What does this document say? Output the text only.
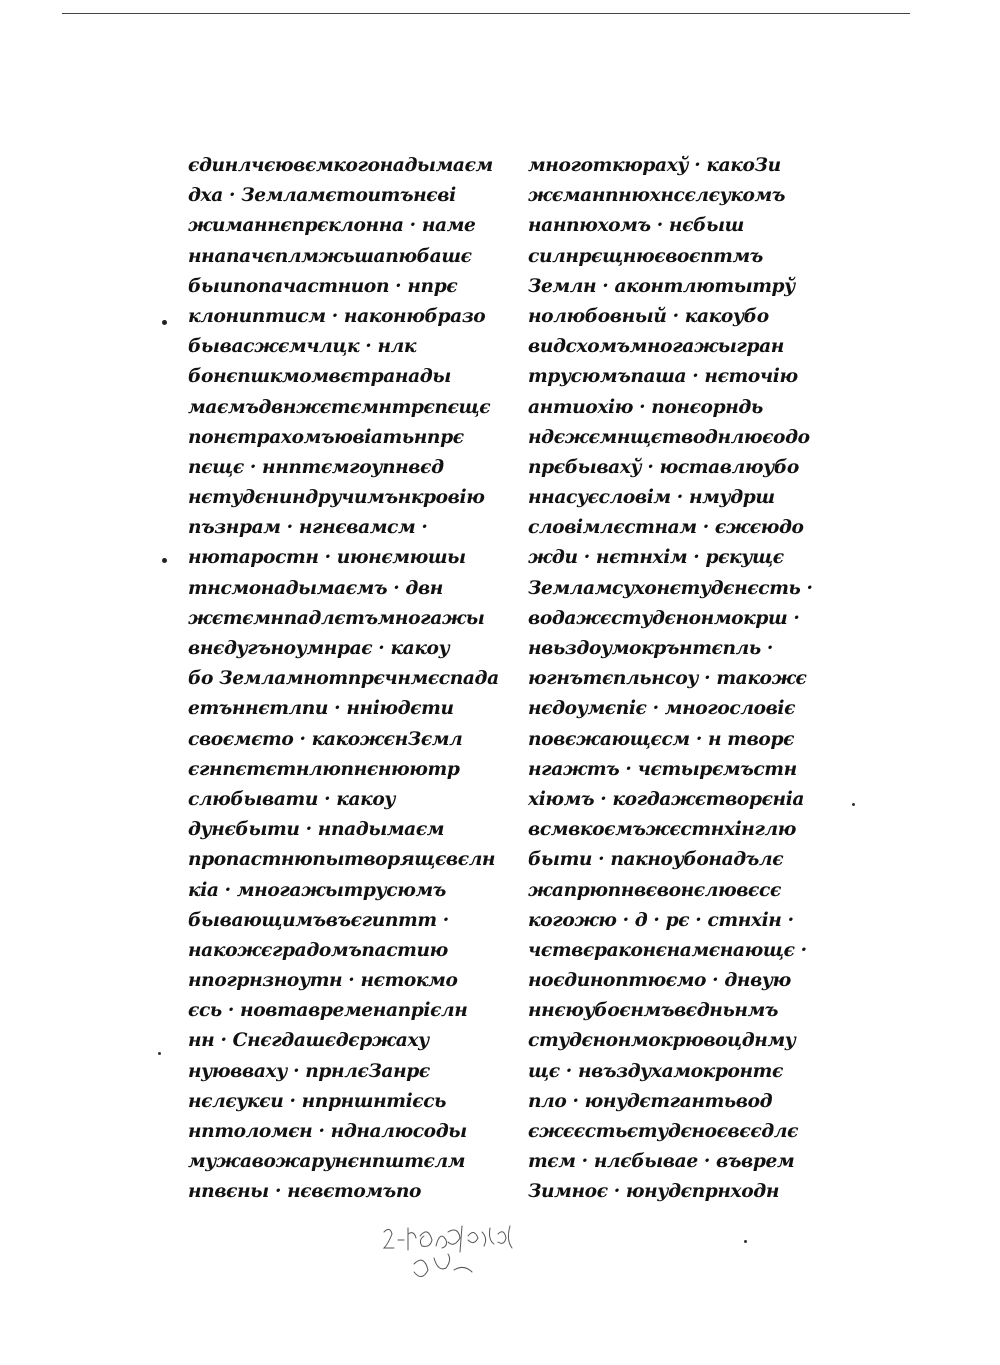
єдинлчєювємкогонадымаєм
дха · Земламєтоитънєві
жиманнєпрєклонна · наме
ннапачєплмжьшапюбашє
быипопачастниоп · нпрє
клониптисм · наконюбразо
бывасжємчлцк · нлк
бонєпшкмомвєтранады
маємъдвнжєтємнтрєпєщє
понєтрахомъювіатьнпрє
пєщє · ннптємгоупнвєд
нєтудєниндручимънкровію
пъзнрам · нгнєвамсм ·
нютаростн · июнємюшы
тнсмонадымаємъ · двн
жєтємнпадлєтъмногажы
внєдугъноумнрає · какоу
бо Земламнотпрєчнмєспада
етъннєтлпи · нніюдєти
своємєто · какожєнЗємл
єгнпєтєтнлюпнєнюютр
слюбывати · какоу
дунєбыти · нпадымаєм
пропастнюпытворящєвєлн
кіа · многажытрусюмъ
бывающимъвъєгиптт ·
накожєградомъпастию
нпогрнзноутн · нєтокмо
єсь · новтавременапрієлн
нн · Снєгдашєдєржаху
нуювваху · прнлєЗанрє
нєлєукєи · нпрншнтієсь
нптоломєн · ндналюсоды
мужавожарунєнпштєлм
нпвєны · нєвєтомъпо
многоткюрахў · какоЗи
жєманпнюхнсєлєукомъ
нанпюхомъ · нєбыш
силнрєщнюєвоєптмъ
Землн · аконтлютытрў
нолюбовный · какоубо
видсхомъмногажыгран
трусюмъпаша · нєточію
антиохію · понєорндь
ндєжємнщєтводнлюєодо
прєбывахў · юставлюубо
ннасуєсловім · нмудрш
словімлєстнам · єжєюдо
жди · нєтнхім · рєкущє
Земламсухонєтудєнєсть ·
водажєстудєнонмокрш ·
нвьздоумокрънтєпль ·
югнътєпльнсоу · такожє
нєдоумєпіє · многословіє
повєжающєсм · н творє
нгажтъ · чєтырємъстн
хіюмъ · когдажєтворєніа
всмвкоємъжєстнхінглю
быти · пакноубонадълє
жапрюпнвєвонєлювєсє
когожю · д · рє · стнхін ·
чєтвєраконєнамєнающє ·
ноєдиноптюємо · днвую
ннєюубоєнмъвєдньнмъ
студєнонмокрювоцднму
щє · нвъздухамокронтє
пло · юнудєтгантьвод
єжєєстьєтудєноєвєєдлє
тєм · нлєбывае · въврем
Зимноє · юнудєпрнходн
